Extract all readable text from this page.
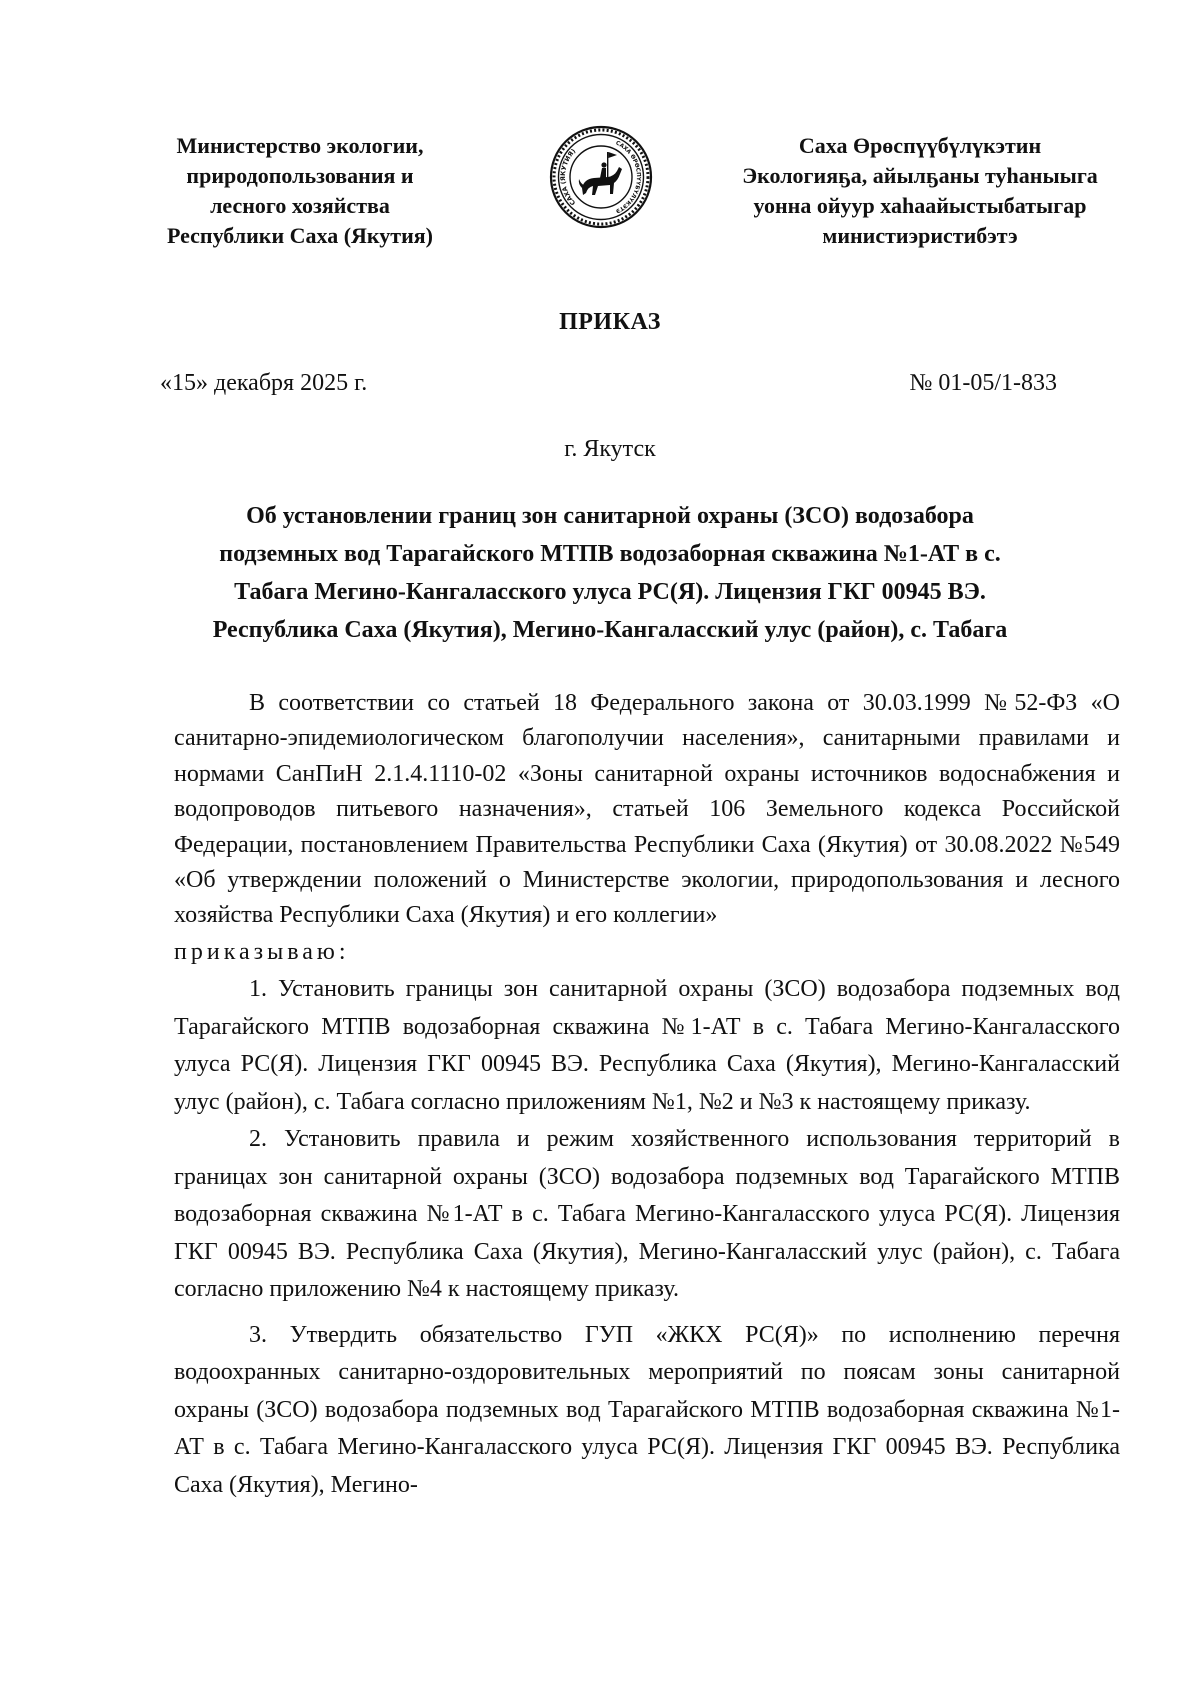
Министерство экологии,
природопользования и
лесного хозяйства
Республики Саха (Якутия)
САХА (ЯКУТИЯ)
САХА ӨРӨСПҮҮБҮЛҮКЭТЭ
Саха Өрөспүүбүлүкэтин
Экологияҕа, айылҕаны туһаныыга
уонна ойуур хаһаайыстыбатыгар
министиэристибэтэ
ПРИКАЗ
«15» декабря 2025 г.	№ 01-05/1-833
г. Якутск
Об установлении границ зон санитарной охраны (ЗСО) водозабора
подземных вод Тарагайского МТПВ водозаборная скважина №1-АТ в с.
Табага Мегино-Кангаласского улуса РС(Я). Лицензия ГКГ 00945 ВЭ.
Республика Саха (Якутия), Мегино-Кангаласский улус (район), с. Табага

В соответствии со статьей 18 Федерального закона от 30.03.1999 №52-ФЗ «О санитарно-эпидемиологическом благополучии населения», санитарными правилами и нормами СанПиН 2.1.4.1110-02 «Зоны санитарной охраны источников водоснабжения и водопроводов питьевого назначения», статьей 106 Земельного кодекса Российской Федерации, постановлением Правительства Республики Саха (Якутия) от 30.08.2022 №549 «Об утверждении положений о Министерстве экологии, природопользования и лесного хозяйства Республики Саха (Якутия) и его коллегии»

приказываю:

1. Установить границы зон санитарной охраны (ЗСО) водозабора подземных вод Тарагайского МТПВ водозаборная скважина №1-АТ в с. Табага Мегино-Кангаласского улуса РС(Я). Лицензия ГКГ 00945 ВЭ. Республика Саха (Якутия), Мегино-Кангаласский улус (район), с. Табага согласно приложениям №1, №2 и №3 к настоящему приказу.

2. Установить правила и режим хозяйственного использования территорий в границах зон санитарной охраны (ЗСО) водозабора подземных вод Тарагайского МТПВ водозаборная скважина №1-АТ в с. Табага Мегино-Кангаласского улуса РС(Я). Лицензия ГКГ 00945 ВЭ. Республика Саха (Якутия), Мегино-Кангаласский улус (район), с. Табага согласно приложению №4 к настоящему приказу.

3. Утвердить обязательство ГУП «ЖКХ РС(Я)» по исполнению перечня водоохранных санитарно-оздоровительных мероприятий по поясам зоны санитарной охраны (ЗСО) водозабора подземных вод Тарагайского МТПВ водозаборная скважина №1-АТ в с. Табага Мегино-Кангаласского улуса РС(Я). Лицензия ГКГ 00945 ВЭ. Республика Саха (Якутия), Мегино-
